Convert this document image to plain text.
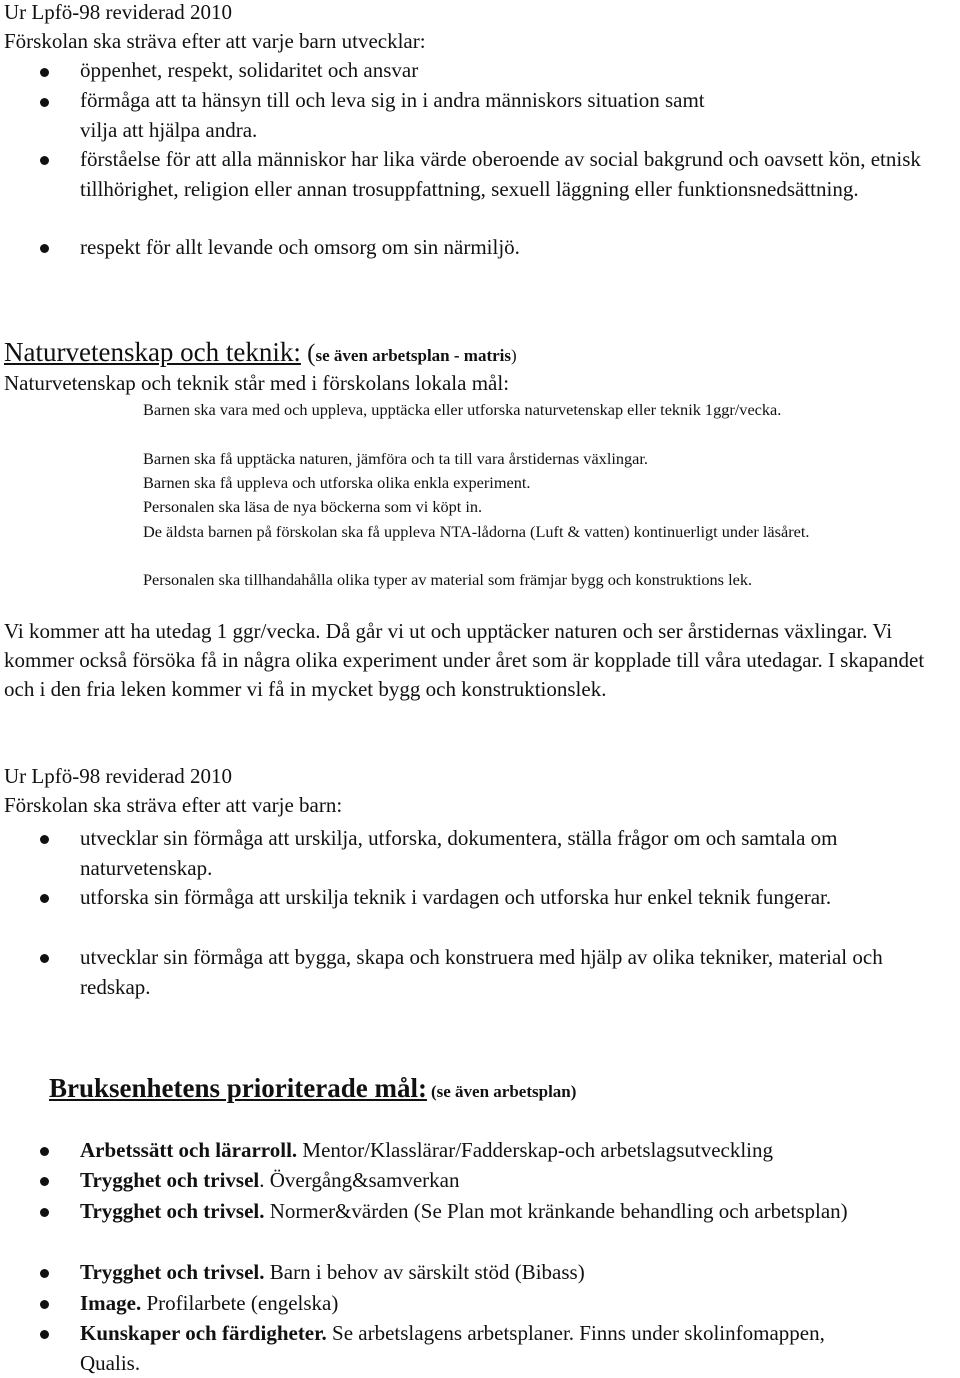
Ur Lpfö-98 reviderad 2010
Förskolan ska sträva efter att varje barn utvecklar:
öppenhet, respekt, solidaritet och ansvar
förmåga att ta hänsyn till och leva sig in i andra människors situation samt vilja att hjälpa andra.
förståelse för att alla människor har lika värde oberoende av social bakgrund och oavsett kön, etnisk tillhörighet, religion eller annan trosuppfattning, sexuell läggning eller funktionsnedsättning.
respekt för allt levande och omsorg om sin närmiljö.
Naturvetenskap och teknik: (se även arbetsplan - matris)
Naturvetenskap och teknik står med i förskolans lokala mål:
Barnen ska vara med och uppleva, upptäcka eller utforska naturvetenskap eller teknik 1ggr/vecka.
Barnen ska få upptäcka naturen, jämföra och ta till vara årstidernas växlingar.
Barnen ska få uppleva och utforska olika enkla experiment.
Personalen ska läsa de nya böckerna som vi köpt in.
De äldsta barnen på förskolan ska få uppleva NTA-lådorna (Luft & vatten) kontinuerligt under läsåret.
Personalen ska tillhandahålla olika typer av material som främjar bygg och konstruktions lek.
Vi kommer att ha utedag 1 ggr/vecka. Då går vi ut och upptäcker naturen och ser årstidernas växlingar. Vi kommer också försöka få in några olika experiment under året som är kopplade till våra utedagar. I skapandet och i den fria leken kommer vi få in mycket bygg och konstruktionslek.
Ur Lpfö-98 reviderad 2010
Förskolan ska sträva efter att varje barn:
utvecklar sin förmåga att urskilja, utforska, dokumentera, ställa frågor om och samtala om naturvetenskap.
utforska sin förmåga att urskilja teknik i vardagen och utforska hur enkel teknik fungerar.
utvecklar sin förmåga att bygga, skapa och konstruera med hjälp av olika tekniker, material och redskap.
Bruksenhetens prioriterade mål: (se även arbetsplan)
Arbetssätt och lärarroll. Mentor/Klasslärar/Fadderskap-och arbetslagsutveckling
Trygghet och trivsel. Övergång&samverkan
Trygghet och trivsel. Normer&värden (Se Plan mot kränkande behandling och arbetsplan)
Trygghet och trivsel. Barn i behov av särskilt stöd (Bibass)
Image. Profilarbete (engelska)
Kunskaper och färdigheter. Se arbetslagens arbetsplaner. Finns under skolinfomappen, Qualis.
